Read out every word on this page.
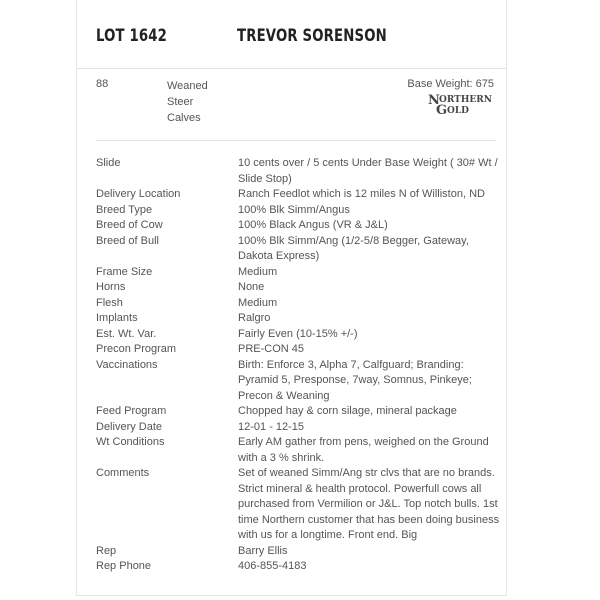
LOT 1642	TREVOR SORENSON
88	Weaned
Steer
Calves
Base Weight: 675
N ORTHERN
G OLD
Slide	10 cents over / 5 cents Under Base Weight ( 30# Wt / Slide Stop)
Delivery Location	Ranch Feedlot which is 12 miles N of Williston, ND
Breed Type	100% Blk Simm/Angus
Breed of Cow	100% Black Angus (VR & J&L)
Breed of Bull	100% Blk Simm/Ang (1/2-5/8 Begger, Gateway, Dakota Express)
Frame Size	Medium
Horns	None
Flesh	Medium
Implants	Ralgro
Est. Wt. Var.	Fairly Even (10-15% +/-)
Precon Program	PRE-CON 45
Vaccinations	Birth: Enforce 3, Alpha 7, Calfguard; Branding: Pyramid 5, Presponse, 7way, Somnus, Pinkeye; Precon & Weaning
Feed Program	Chopped hay & corn silage, mineral package
Delivery Date	12-01 - 12-15
Wt Conditions	Early AM gather from pens, weighed on the Ground with a 3 % shrink.
Comments	Set of weaned Simm/Ang str clvs that are no brands. Strict mineral & health protocol. Powerfull cows all purchased from Vermilion or J&L. Top notch bulls. 1st time Northern customer that has been doing business with us for a longtime. Front end. Big
Rep	Barry Ellis
Rep Phone	406-855-4183
